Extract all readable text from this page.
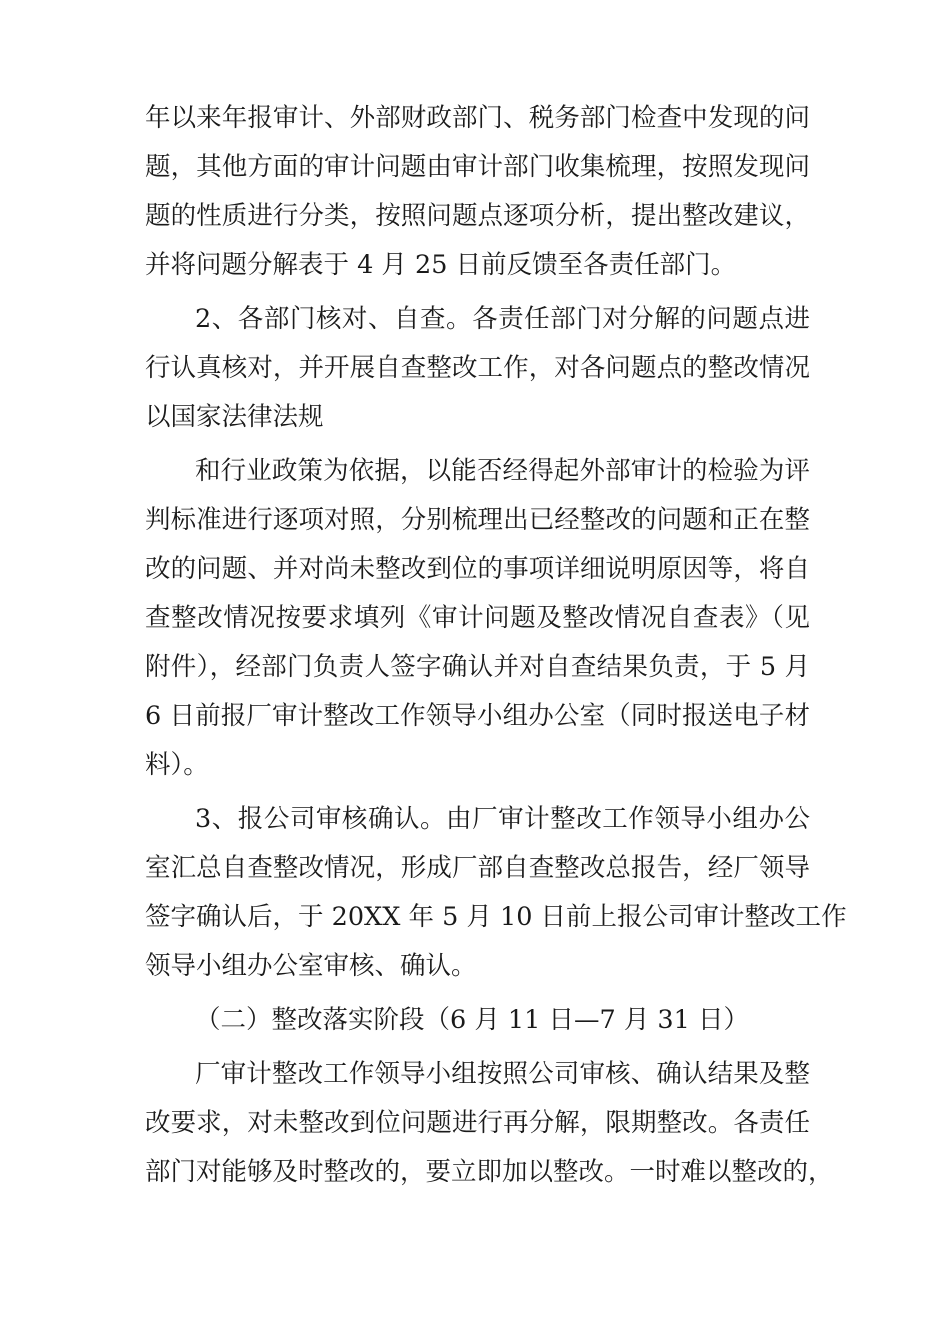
年以来年报审计、外部财政部门、税务部门检查中发现的问

题，其他方面的审计问题由审计部门收集梳理，按照发现问

题的性质进行分类，按照问题点逐项分析，提出整改建议，

并将问题分解表于 4 月 25 日前反馈至各责任部门。

2、各部门核对、自查。各责任部门对分解的问题点进

行认真核对，并开展自查整改工作，对各问题点的整改情况

以国家法律法规

和行业政策为依据，以能否经得起外部审计的检验为评

判标准进行逐项对照，分别梳理出已经整改的问题和正在整

改的问题、并对尚未整改到位的事项详细说明原因等，将自

查整改情况按要求填列《审计问题及整改情况自查表》（见

附件），经部门负责人签字确认并对自查结果负责，于 5 月

6 日前报厂审计整改工作领导小组办公室（同时报送电子材

料）。

3、报公司审核确认。由厂审计整改工作领导小组办公

室汇总自查整改情况，形成厂部自查整改总报告，经厂领导

签字确认后，于 20XX 年 5 月 10 日前上报公司审计整改工作

领导小组办公室审核、确认。

（二）整改落实阶段（6 月 11 日—7 月 31 日）

厂审计整改工作领导小组按照公司审核、确认结果及整

改要求，对未整改到位问题进行再分解，限期整改。各责任

部门对能够及时整改的，要立即加以整改。一时难以整改的，
